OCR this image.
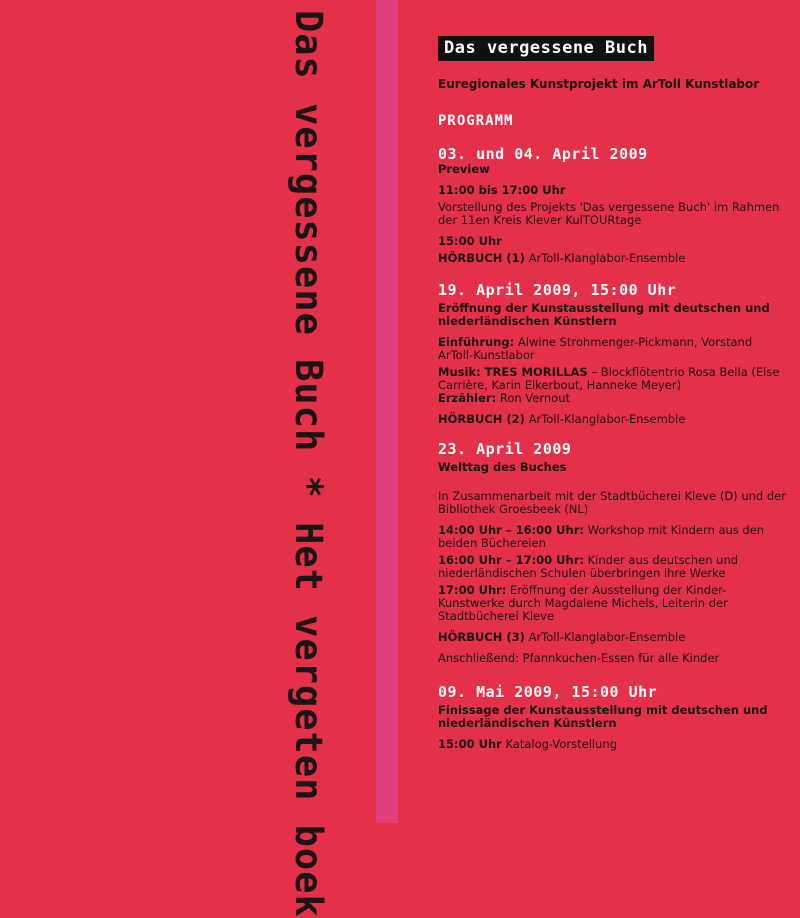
Das vergessene Buch * Het vergeten boek	Das vergessene Buch
Euregionales Kunstprojekt im ArToll Kunstlabor
PROGRAMM
03. und 04. April 2009
Preview
11:00 bis 17:00 Uhr
Vorstellung des Projekts 'Das vergessene Buch' im Rahmen der 11en Kreis Klever KulTOURtage
15:00 Uhr
HÖRBUCH (1) ArToll-Klanglabor-Ensemble
19. April 2009, 15:00 Uhr
Eröffnung der Kunstausstellung mit deutschen und niederländischen Künstlern
Einführung: Alwine Strohmenger-Pickmann, Vorstand ArToll-Kunstlabor
Musik: TRES MORILLAS – Blockflötentrio Rosa Bella (Else Carrière, Karin Elkerbout, Hanneke Meyer)
Erzähler: Ron Vernout
HÖRBUCH (2) ArToll-Klanglabor-Ensemble
23. April 2009
Welttag des Buches
In Zusammenarbeit mit der Stadtbücherei Kleve (D) und der Bibliothek Groesbeek (NL)
14:00 Uhr – 16:00 Uhr: Workshop mit Kindern aus den beiden Büchereien
16:00 Uhr – 17:00 Uhr: Kinder aus deutschen und niederländischen Schulen überbringen ihre Werke
17:00 Uhr: Eröffnung der Ausstellung der Kinder-Kunstwerke durch Magdalene Michels, Leiterin der Stadtbücherei Kleve
HÖRBUCH (3) ArToll-Klanglabor-Ensemble
Anschließend: Pfannkuchen-Essen für alle Kinder
09. Mai 2009, 15:00 Uhr
Finissage der Kunstausstellung mit deutschen und niederländischen Künstlern
15:00 Uhr Katalog-Vorstellung
